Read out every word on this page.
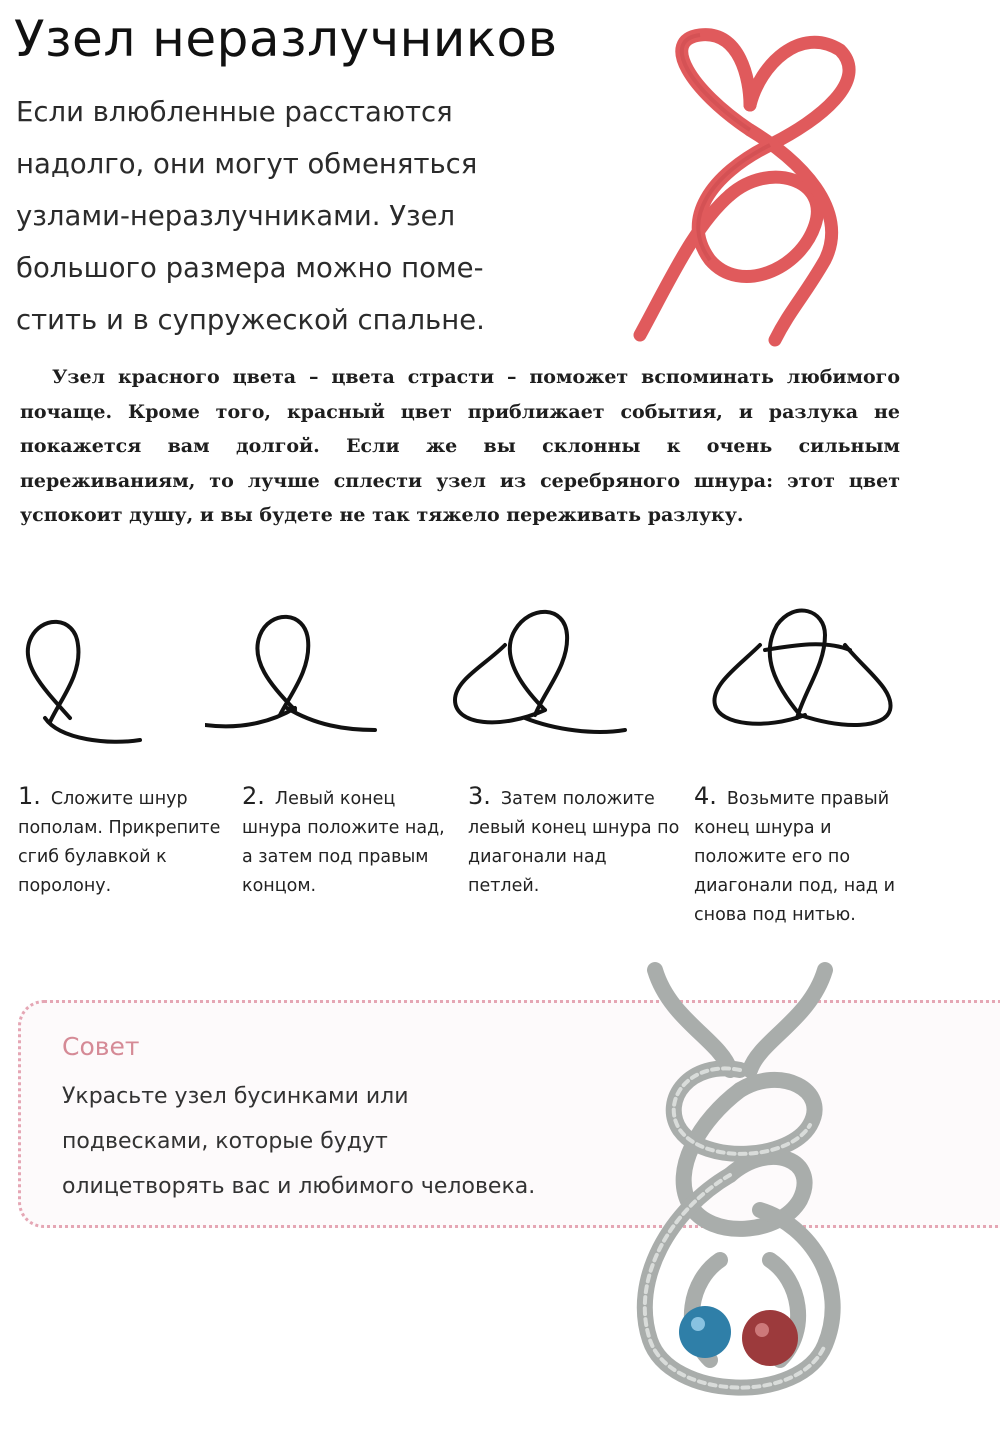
Узел неразлучников
Если влюбленные расстаются
надолго, они могут обменяться
узлами-неразлучниками. Узел
большого размера можно поме-
стить и в супружеской спальне.

Узел красного цвета – цвета страсти – поможет вспоминать любимого почаще. Кроме того, красный цвет приближает события, и разлука не покажется вам долгой. Если же вы склонны к очень сильным переживаниям, то лучше сплести узел из серебряного шнура: этот цвет успокоит душу, и вы будете не так тяжело переживать разлуку.

1. Сложите шнур пополам. Прикрепите сгиб булавкой к поролону.
2. Левый конец шнура положите над, а затем под правым концом.
3. Затем положите левый конец шнура по диагонали над петлей.
4. Возьмите правый конец шнура и положите его по диагонали под, над и снова под нитью.
Совет
Украсьте узел бусинками или подвесками, которые будут олицетворять вас и любимого человека.
